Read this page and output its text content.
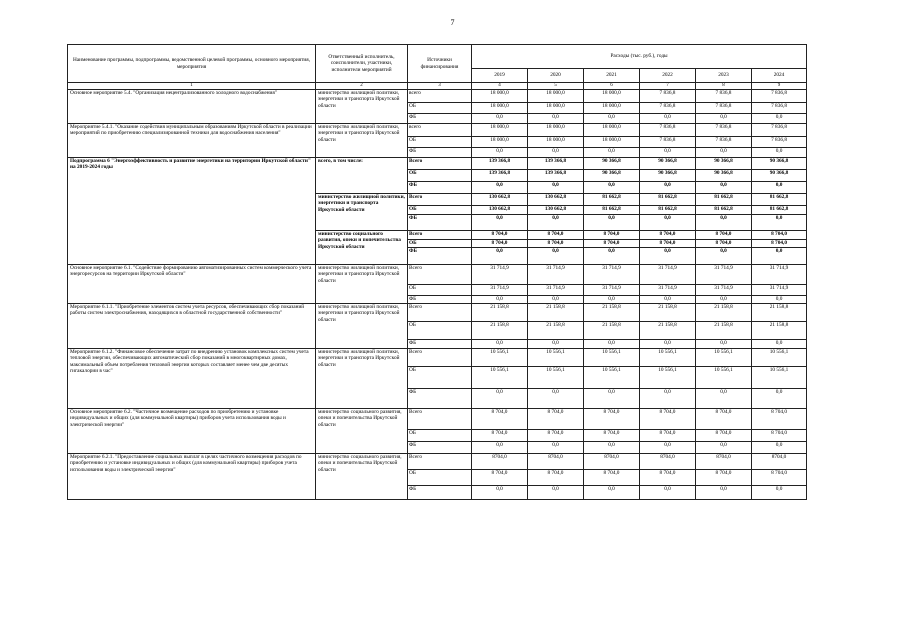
7
Наименование программы, подпрограммы, ведомственной целевой программы, основного мероприятия, мероприятия	Ответственный исполнитель, соисполнители, участники, исполнители мероприятий	Источники финансирования	Расходы (тыс. руб.), годы					
			2019	2020	2021	2022	2023	2024
1	2	3	4	5	6	7	8	9
Основное мероприятие 5.4. "Организация нецентрализованного холодного водоснабжения"	министерство жилищной политики, энергетики и транспорта Иркутской области	всего	18 000,0	18 000,0	18 000,0	7 836,8	7 836,8	7 836,8
		ОБ	18 000,0	18 000,0	18 000,0	7 836,8	7 836,8	7 836,8
		ФБ	0,0	0,0	0,0	0,0	0,0	0,0
Мероприятие 5.4.1. "Оказание содействия муниципальным образованиям Иркутской области в реализации мероприятий по приобретению специализированной техники для водоснабжения населения"	министерство жилищной политики, энергетики и транспорта Иркутской области	всего	18 000,0	18 000,0	18 000,0	7 836,8	7 836,8	7 836,8
		ОБ	18 000,0	18 000,0	18 000,0	7 836,8	7 836,8	7 836,8
		ФБ	0,0	0,0	0,0	0,0	0,0	0,0
Подпрограмма 6 "Энергоэффективность и развитие энергетики на территории Иркутской области" на 2019-2024 годы	всего, в том числе:	Всего	139 366,8	139 366,8	90 366,8	90 366,8	90 366,8	90 366,8
		ОБ	139 366,8	139 366,8	90 366,8	90 366,8	90 366,8	90 366,8
		ФБ	0,0	0,0	0,0	0,0	0,0	0,0
	министерство жилищной политики, энергетики и транспорта Иркутской области	Всего	130 662,8	130 662,8	81 662,8	81 662,8	81 662,8	81 662,8
		ОБ	130 662,8	130 662,8	81 662,8	81 662,8	81 662,8	81 662,8
		ФБ	0,0	0,0	0,0	0,0	0,0	0,0
	министерство социального развития, опеки и попечительства Иркутской области	Всего	8 704,0	8 704,0	8 704,0	8 704,0	8 704,0	8 704,0
		ОБ	8 704,0	8 704,0	8 704,0	8 704,0	8 704,0	8 704,0
		ФБ	0,0	0,0	0,0	0,0	0,0	0,0
Основное мероприятие 6.1. "Содействие формированию автоматизированных систем коммерческого учета энергоресурсов на территории Иркутской области"	министерство жилищной политики, энергетики и транспорта Иркутской области	Всего	31 714,9	31 714,9	31 714,9	31 714,9	31 714,9	31 714,9
		ОБ	31 714,9	31 714,9	31 714,9	31 714,9	31 714,9	31 714,9
		ФБ	0,0	0,0	0,0	0,0	0,0	0,0
Мероприятие 6.1.1. "Приобретение элементов систем учета ресурсов, обеспечивающих сбор показаний работы систем электроснабжения, находящихся в областной государственной собственности"	министерство жилищной политики, энергетики и транспорта Иркутской области	Всего	21 158,8	21 158,8	21 158,8	21 158,8	21 158,8	21 158,8
		ОБ	21 158,8	21 158,8	21 158,8	21 158,8	21 158,8	21 158,8
		ФБ	0,0	0,0	0,0	0,0	0,0	0,0
Мероприятие 6.1.2. "Финансовое обеспечение затрат по внедрению установок комплексных систем учета тепловой энергии, обеспечивающих автоматический сбор показаний в многоквартирных домах, максимальный объем потребления тепловой энергии которых составляет менее чем две десятых гигакалории в час"	министерство жилищной политики, энергетики и транспорта Иркутской области	Всего	10 556,1	10 556,1	10 556,1	10 556,1	10 556,1	10 556,1
		ОБ	10 556,1	10 556,1	10 556,1	10 556,1	10 556,1	10 556,1
		ФБ	0,0	0,0	0,0	0,0	0,0	0,0
Основное мероприятие 6.2. "Частичное возмещение расходов по приобретению и установке индивидуальных и общих (для коммунальной квартиры) приборов учета использования воды и электрической энергии"	министерство социального развития, опеки и попечительства Иркутской области	Всего	8 704,0	8 704,0	8 704,0	8 704,0	8 704,0	8 704,0
		ОБ	8 704,0	8 704,0	8 704,0	8 704,0	8 704,0	8 704,0
		ФБ	0,0	0,0	0,0	0,0	0,0	0,0
Мероприятие 6.2.1. "Предоставление социальных выплат в целях частичного возмещения расходов по приобретению и установке индивидуальных и общих (для коммунальной квартиры) приборов учета использования воды и электрической энергии"	министерство социального развития, опеки и попечительства Иркутской области	Всего	8704,0	8704,0	8704,0	8704,0	8704,0	8704,0
		ОБ	8 704,0	8 704,0	8 704,0	8 704,0	8 704,0	8 704,0
		ФБ	0,0	0,0	0,0	0,0	0,0	0,0
